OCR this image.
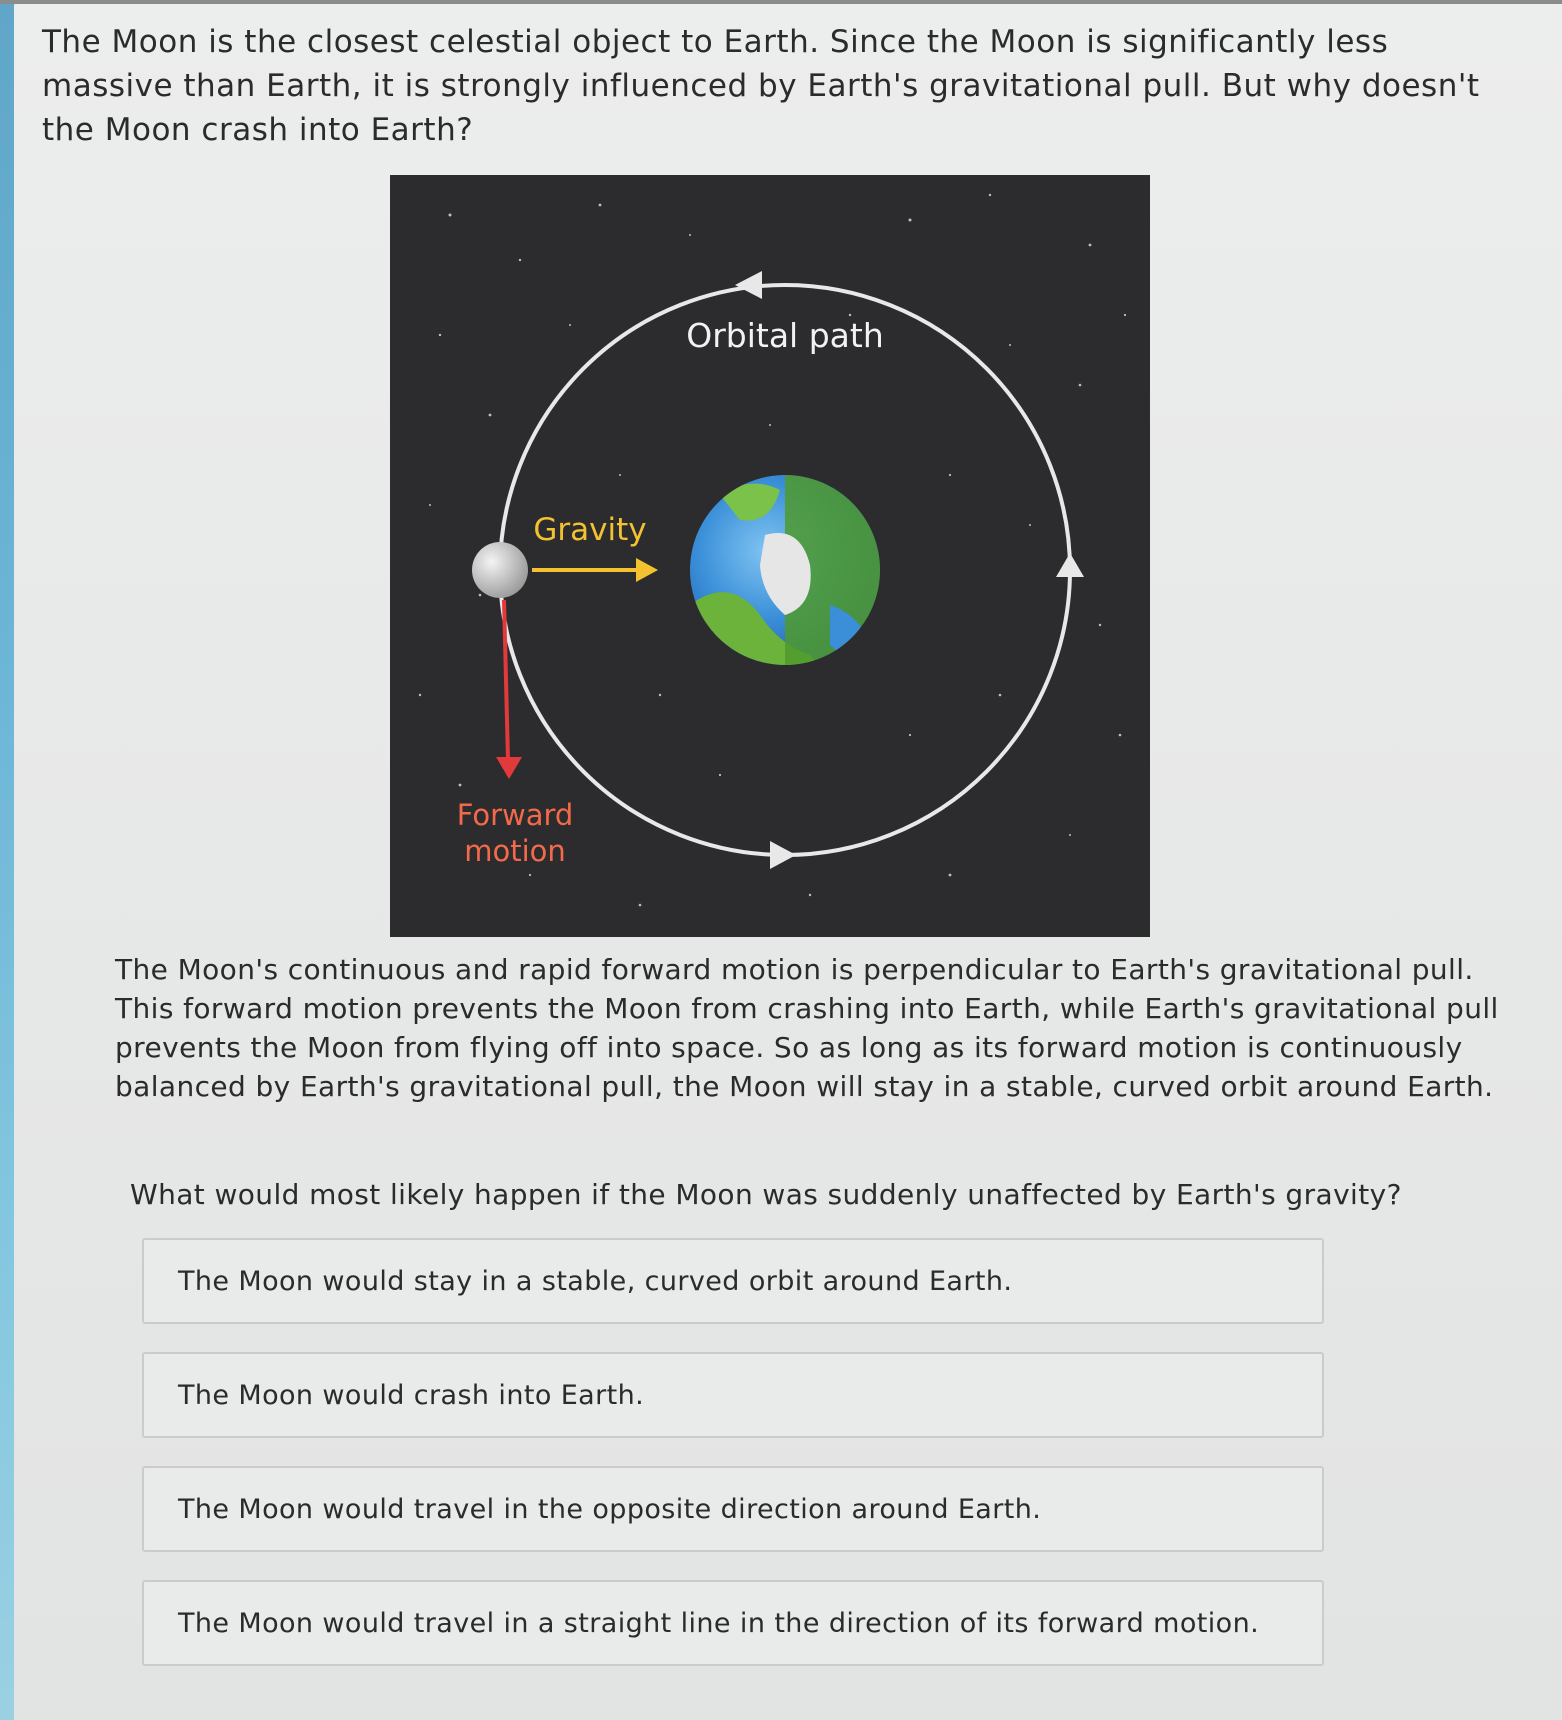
The Moon is the closest celestial object to Earth. Since the Moon is significantly less massive than Earth, it is strongly influenced by Earth's gravitational pull. But why doesn't the Moon crash into Earth?

Orbital path
Gravity
Forward
motion

The Moon's continuous and rapid forward motion is perpendicular to Earth's gravitational pull. This forward motion prevents the Moon from crashing into Earth, while Earth's gravitational pull prevents the Moon from flying off into space. So as long as its forward motion is continuously balanced by Earth's gravitational pull, the Moon will stay in a stable, curved orbit around Earth.

What would most likely happen if the Moon was suddenly unaffected by Earth's gravity?

The Moon would stay in a stable, curved orbit around Earth.
The Moon would crash into Earth.
The Moon would travel in the opposite direction around Earth.
The Moon would travel in a straight line in the direction of its forward motion.
